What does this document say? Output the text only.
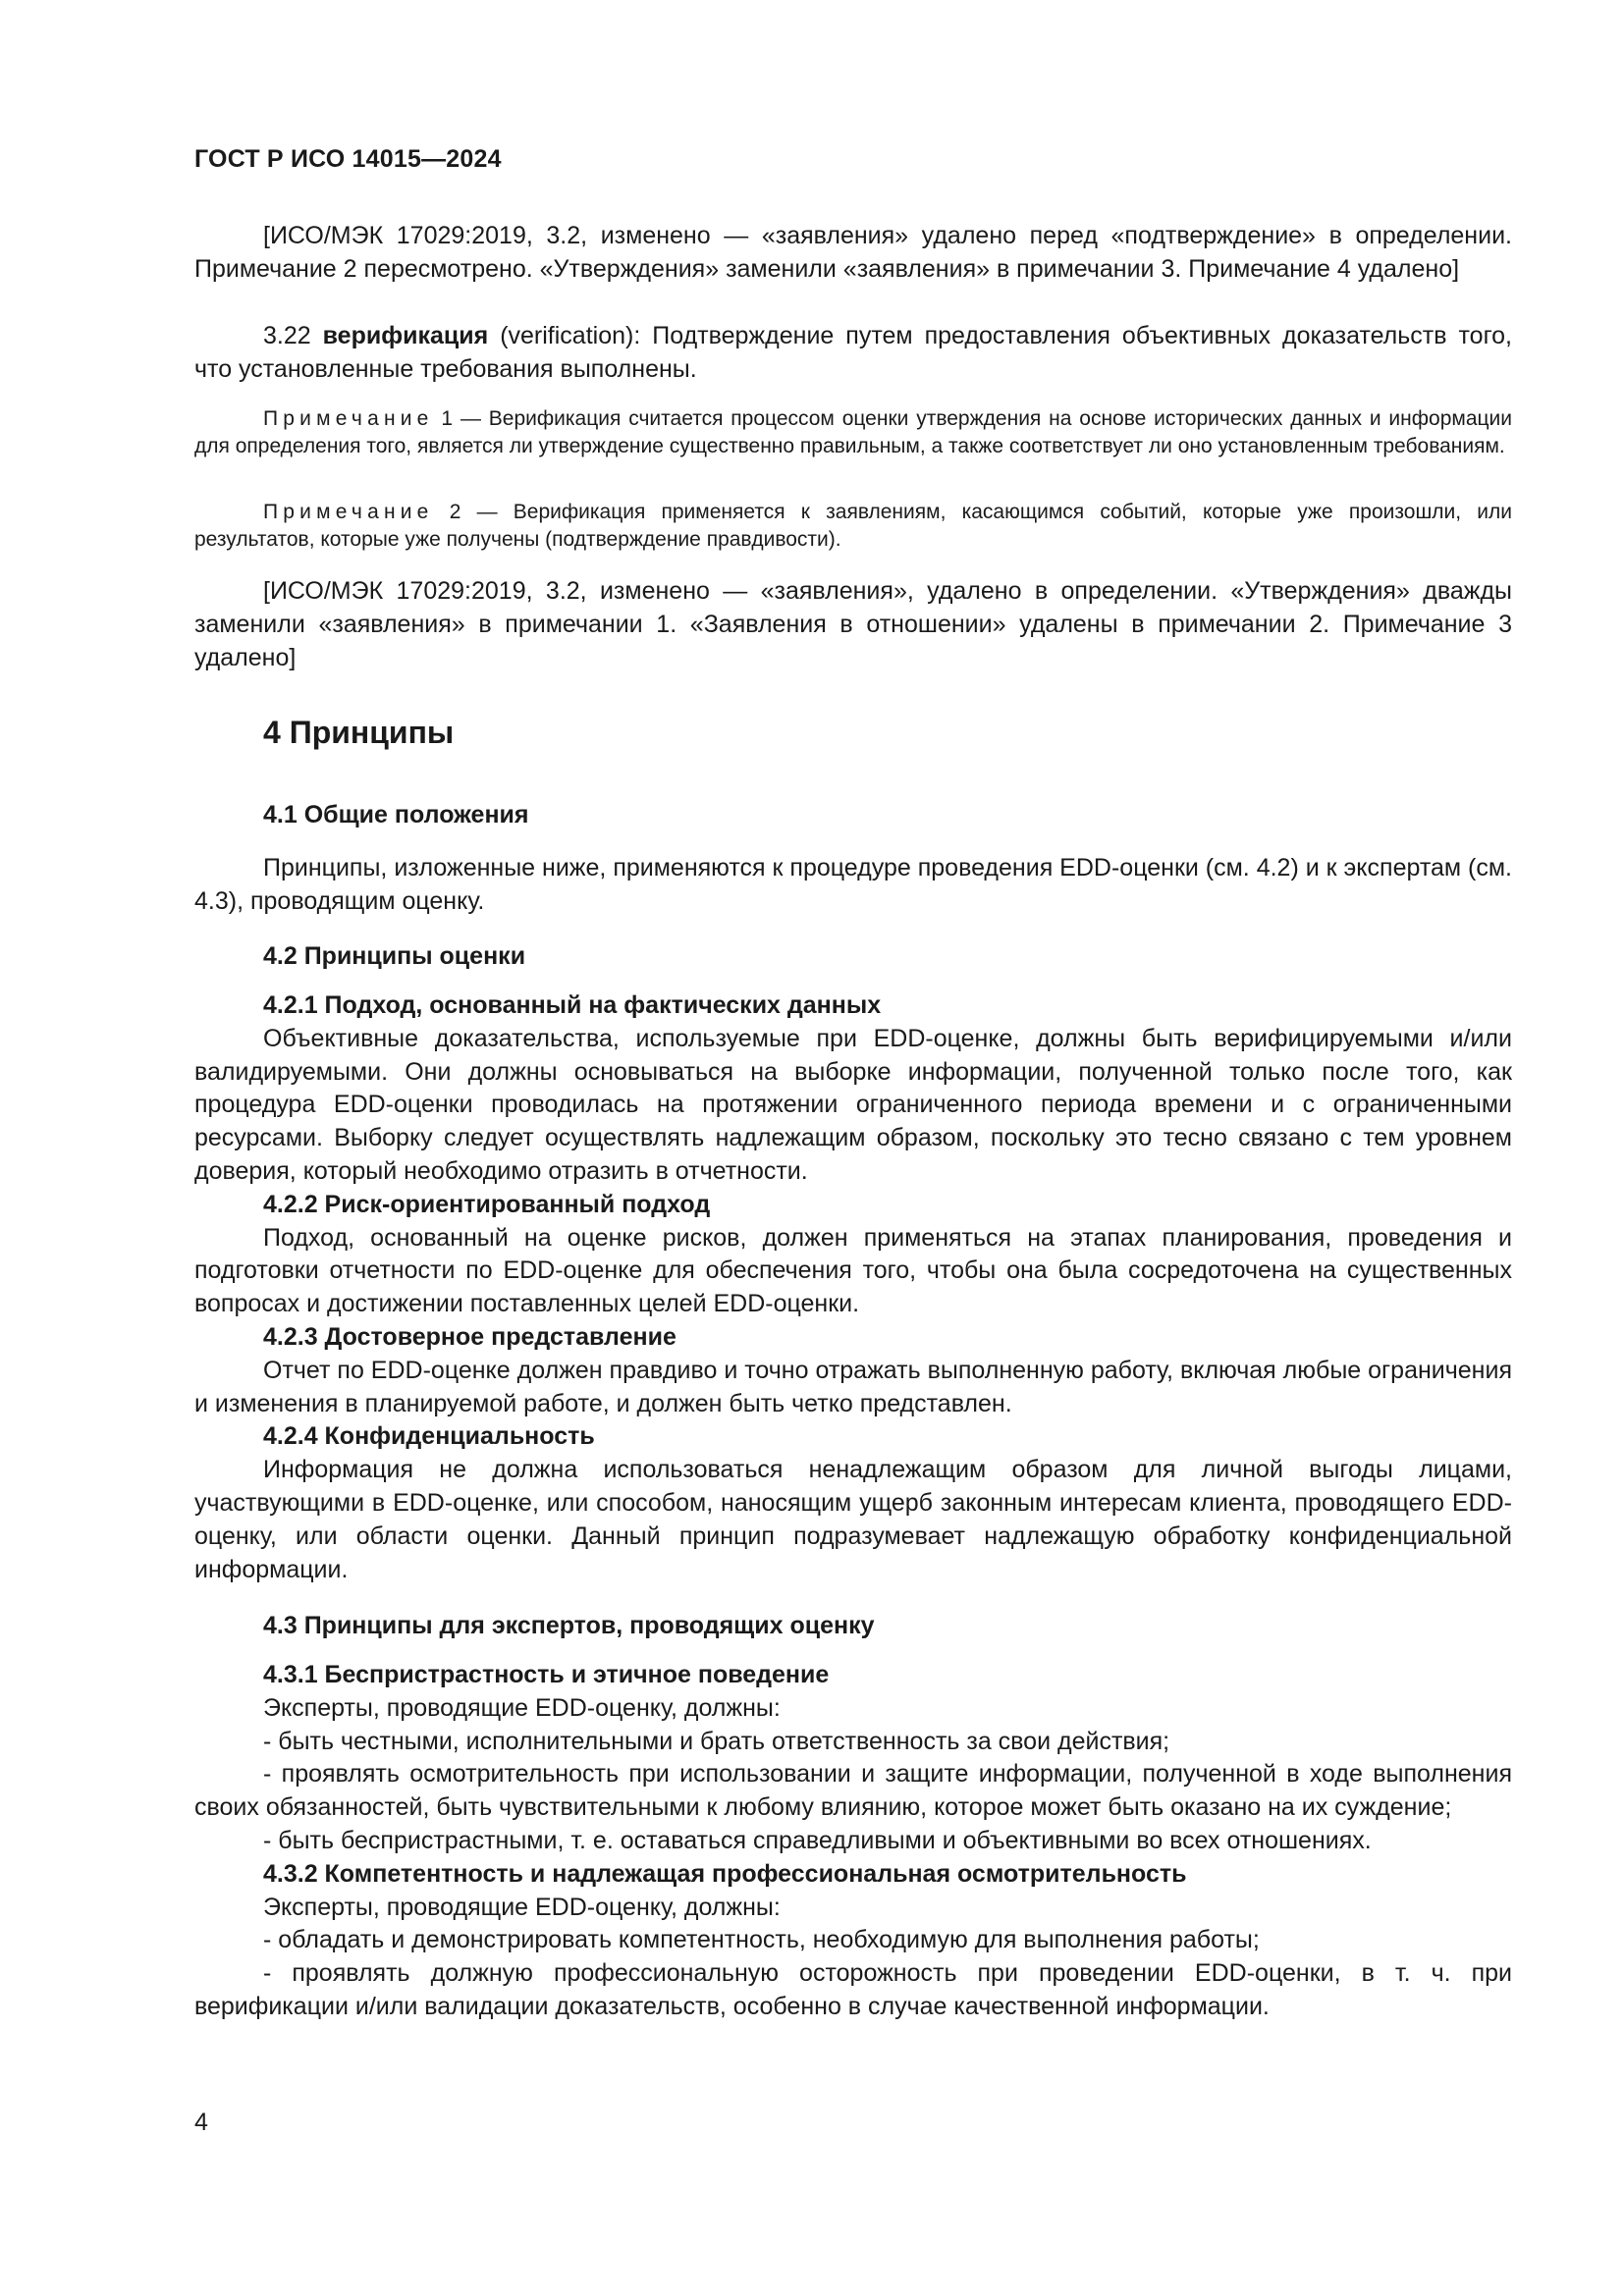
ГОСТ Р ИСО 14015—2024

[ИСО/МЭК 17029:2019, 3.2, изменено — «заявления» удалено перед «подтверждение» в определении. Примечание 2 пересмотрено. «Утверждения» заменили «заявления» в примечании 3. Примечание 4 удалено]

3.22 верификация (verification): Подтверждение путем предоставления объективных доказательств того, что установленные требования выполнены.

Примечание 1 — Верификация считается процессом оценки утверждения на основе исторических данных и информации для определения того, является ли утверждение существенно правильным, а также соответствует ли оно установленным требованиям.

Примечание 2 — Верификация применяется к заявлениям, касающимся событий, которые уже произошли, или результатов, которые уже получены (подтверждение правдивости).

[ИСО/МЭК 17029:2019, 3.2, изменено — «заявления», удалено в определении. «Утверждения» дважды заменили «заявления» в примечании 1. «Заявления в отношении» удалены в примечании 2. Примечание 3 удалено]

4 Принципы
4.1 Общие положения

Принципы, изложенные ниже, применяются к процедуре проведения EDD-оценки (см. 4.2) и к экспертам (см. 4.3), проводящим оценку.

4.2 Принципы оценки
4.2.1 Подход, основанный на фактических данных

Объективные доказательства, используемые при EDD-оценке, должны быть верифицируемыми и/или валидируемыми. Они должны основываться на выборке информации, полученной только после того, как процедура EDD-оценки проводилась на протяжении ограниченного периода времени и с ограниченными ресурсами. Выборку следует осуществлять надлежащим образом, поскольку это тесно связано с тем уровнем доверия, который необходимо отразить в отчетности.

4.2.2 Риск-ориентированный подход

Подход, основанный на оценке рисков, должен применяться на этапах планирования, проведения и подготовки отчетности по EDD-оценке для обеспечения того, чтобы она была сосредоточена на существенных вопросах и достижении поставленных целей EDD-оценки.

4.2.3 Достоверное представление

Отчет по EDD-оценке должен правдиво и точно отражать выполненную работу, включая любые ограничения и изменения в планируемой работе, и должен быть четко представлен.

4.2.4 Конфиденциальность

Информация не должна использоваться ненадлежащим образом для личной выгоды лицами, участвующими в EDD-оценке, или способом, наносящим ущерб законным интересам клиента, проводящего EDD-оценку, или области оценки. Данный принцип подразумевает надлежащую обработку конфиденциальной информации.

4.3 Принципы для экспертов, проводящих оценку
4.3.1 Беспристрастность и этичное поведение

Эксперты, проводящие EDD-оценку, должны:

- быть честными, исполнительными и брать ответственность за свои действия;

- проявлять осмотрительность при использовании и защите информации, полученной в ходе выполнения своих обязанностей, быть чувствительными к любому влиянию, которое может быть оказано на их суждение;

- быть беспристрастными, т. е. оставаться справедливыми и объективными во всех отношениях.

4.3.2 Компетентность и надлежащая профессиональная осмотрительность

Эксперты, проводящие EDD-оценку, должны:

- обладать и демонстрировать компетентность, необходимую для выполнения работы;

- проявлять должную профессиональную осторожность при проведении EDD-оценки, в т. ч. при верификации и/или валидации доказательств, особенно в случае качественной информации.

4
